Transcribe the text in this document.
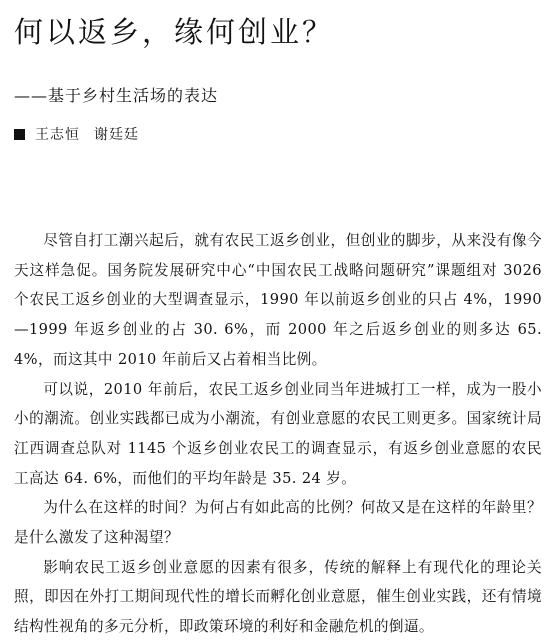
何以返乡，缘何创业？
——基于乡村生活场的表达
王志恒 谢廷廷

尽管自打工潮兴起后，就有农民工返乡创业，但创业的脚步，从来没有像今天这样急促。国务院发展研究中心“中国农民工战略问题研究”课题组对 3026 个农民工返乡创业的大型调查显示，1990 年以前返乡创业的只占 4%，1990—1999 年返乡创业的占 30. 6%，而 2000 年之后返乡创业的则多达 65. 4%，而这其中 2010 年前后又占着相当比例。

可以说，2010 年前后，农民工返乡创业同当年进城打工一样，成为一股小小的潮流。创业实践都已成为小潮流，有创业意愿的农民工则更多。国家统计局江西调查总队对 1145 个返乡创业农民工的调查显示，有返乡创业意愿的农民工高达 64. 6%，而他们的平均年龄是 35. 24 岁。

为什么在这样的时间？为何占有如此高的比例？何故又是在这样的年龄里？是什么激发了这种渴望？

影响农民工返乡创业意愿的因素有很多，传统的解释上有现代化的理论关照，即因在外打工期间现代性的增长而孵化创业意愿，催生创业实践，还有情境结构性视角的多元分析，即政策环境的利好和金融危机的倒逼。
